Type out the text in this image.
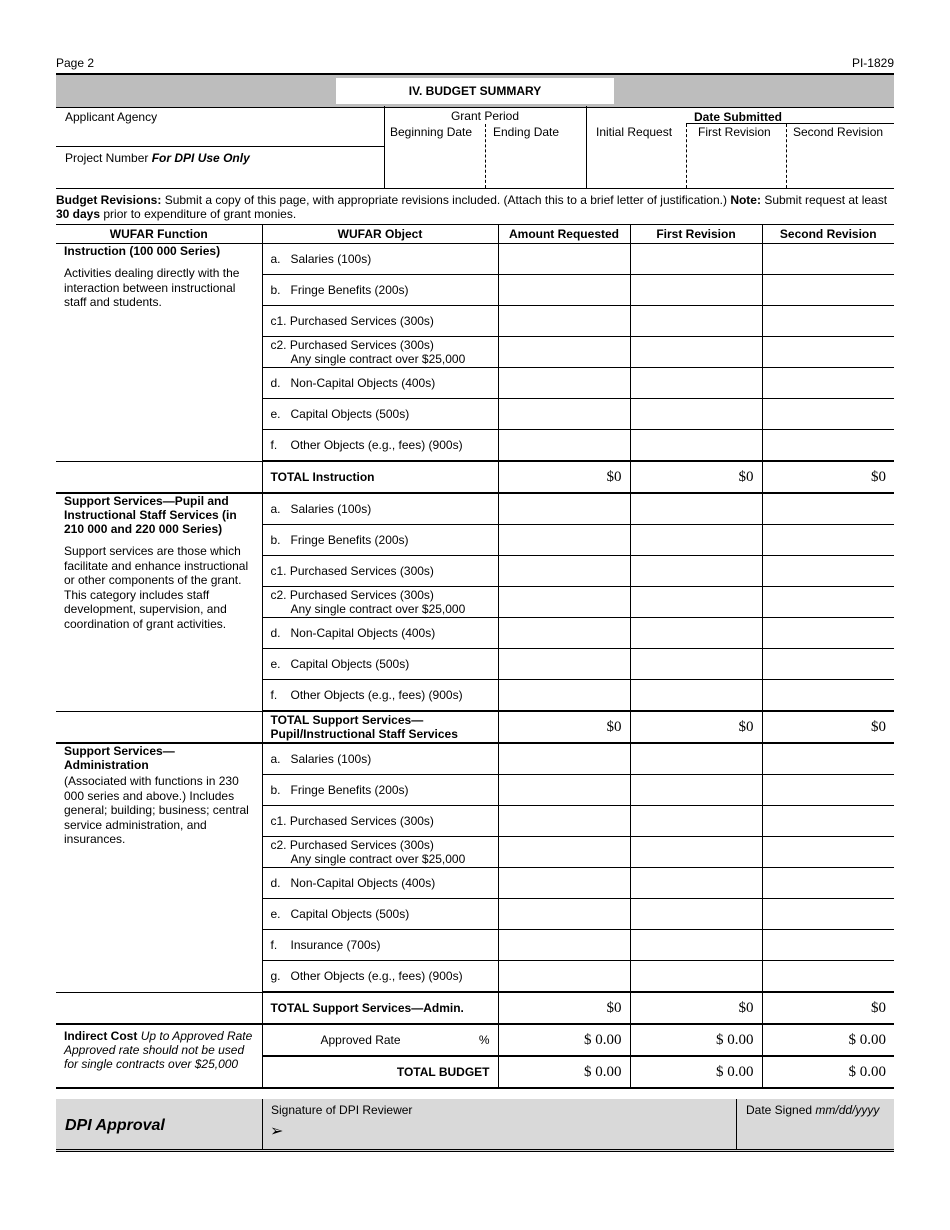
Page 2	PI-1829
IV. BUDGET SUMMARY
Applicant Agency
Project Number For DPI Use Only
Grant Period
Beginning Date Ending Date
Date Submitted
Initial Request First Revision Second Revision
Budget Revisions: Submit a copy of this page, with appropriate revisions included. (Attach this to a brief letter of justification.) Note: Submit request at least 30 days prior to expenditure of grant monies.
WUFAR Function	WUFAR Object	Amount Requested	First Revision	Second Revision

Instruction (100 000 Series)
Activities dealing directly with the interaction between instructional staff and students.	a. Salaries (100s)			
	b. Fringe Benefits (200s)			
	c1. Purchased Services (300s)			
	c2. Purchased Services (300s)
Any single contract over $25,000			

	d. Non-Capital Objects (400s)			
	e. Capital Objects (500s)			
	f. Other Objects (e.g., fees) (900s)			
	TOTAL Instruction	$0	$0	$0

Support Services—Pupil and Instructional Staff Services (in 210 000 and 220 000 Series)
Support services are those which facilitate and enhance instructional or other components of the grant. This category includes staff development, supervision, and coordination of grant activities.	a. Salaries (100s)			
	b. Fringe Benefits (200s)			
	c1. Purchased Services (300s)			
	c2. Purchased Services (300s)
Any single contract over $25,000			

	d. Non-Capital Objects (400s)			
	e. Capital Objects (500s)			
	f. Other Objects (e.g., fees) (900s)			
	TOTAL Support Services—
Pupil/Instructional Staff Services	$0	$0	$0

Support Services—Administration
(Associated with functions in 230 000 series and above.) Includes general; building; business; central service administration, and insurances.	a. Salaries (100s)			
	b. Fringe Benefits (200s)			
	c1. Purchased Services (300s)			
	c2. Purchased Services (300s)
Any single contract over $25,000			

	d. Non-Capital Objects (400s)			
	e. Capital Objects (500s)			
	f. Insurance (700s)			
	g. Other Objects (e.g., fees) (900s)			
	TOTAL Support Services—Admin.	$0	$0	$0
Indirect Cost Up to Approved Rate
Approved rate should not be used for single contracts over $25,000	Approved Rate %	$ 0.00	$ 0.00	$ 0.00
	TOTAL BUDGET	$ 0.00	$ 0.00	$ 0.00
DPI Approval
Signature of DPI Reviewer
➢
Date Signed mm/dd/yyyy
